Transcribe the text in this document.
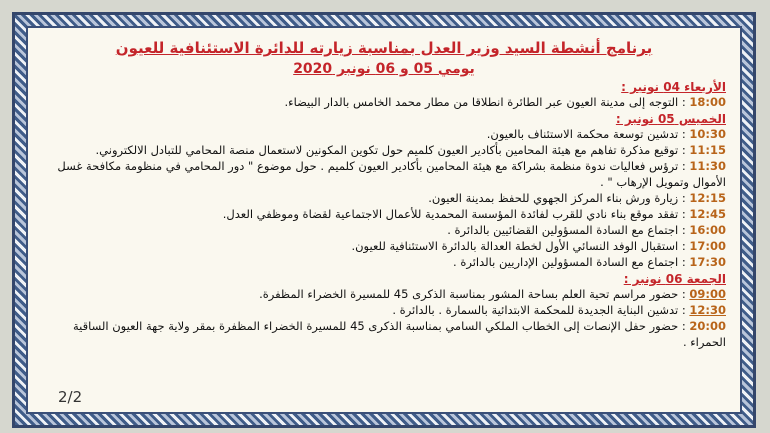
برنامج أنشطة السيد وزير العدل بمناسبة زيارته للدائرة الاستئنافية للعيون
يومي 05 و 06 نونبر 2020
الأربعاء 04 نونبر :
18:00 : التوجه إلى مدينة العيون عبر الطائرة انطلاقا من مطار محمد الخامس بالدار البيضاء.
الخميس 05 نونبر :
10:30 : تدشين توسعة محكمة الاستئناف بالعيون.
11:15 : توقيع مذكرة تفاهم مع هيئة المحامين بأكادير العيون كلميم حول تكوين المكونين لاستعمال منصة المحامي للتبادل الالكتروني.
11:30 : ترؤس فعاليات ندوة منظمة بشراكة مع هيئة المحامين بأكادير العيون كلميم . حول موضوع " دور المحامي في منظومة مكافحة غسل الأموال وتمويل الإرهاب " .
12:15 : زيارة ورش بناء المركز الجهوي للحفظ بمدينة العيون.
12:45 : تفقد موقع بناء نادي للقرب لفائدة المؤسسة المحمدية للأعمال الاجتماعية لقضاة وموظفي العدل.
16:00 : اجتماع مع السادة المسؤولين القضائيين بالدائرة .
17:00 : استقبال الوفد النسائي الأول لخطة العدالة بالدائرة الاستئنافية للعيون.
17:30 : اجتماع مع السادة المسؤولين الإداريين بالدائرة .
الجمعة 06 نونبر :
09:00 : حضور مراسم تحية العلم بساحة المشور بمناسبة الذكرى 45 للمسيرة الخضراء المظفرة.
12:30 : تدشين البناية الجديدة للمحكمة الابتدائية بالسمارة . بالدائرة .
20:00 : حضور حفل الإنصات إلى الخطاب الملكي السامي بمناسبة الذكرى 45 للمسيرة الخضراء المظفرة بمقر ولاية جهة العيون الساقية الحمراء .
2/2
